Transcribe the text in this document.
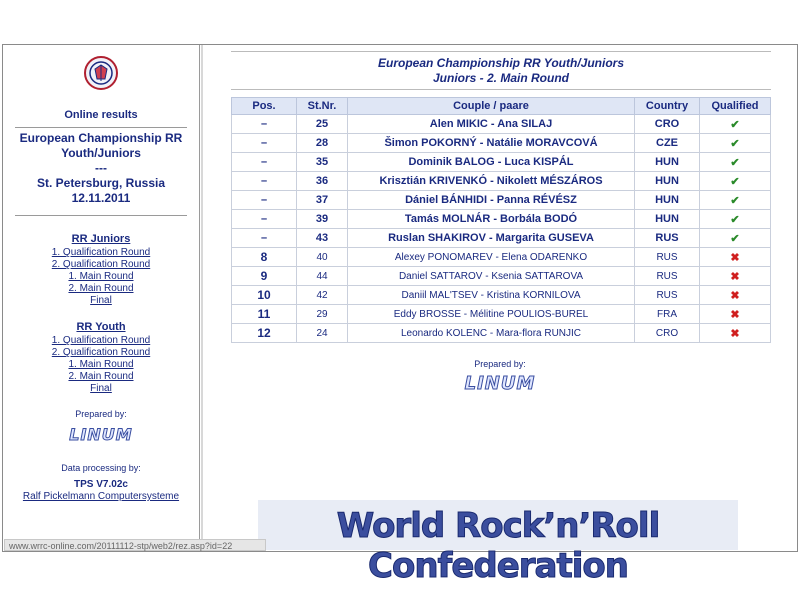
Online results
European Championship RR
Youth/Juniors
---
St. Petersburg, Russia
12.11.2011
RR Juniors
1. Qualification Round
2. Qualification Round
1. Main Round
2. Main Round
Final
RR Youth
1. Qualification Round
2. Qualification Round
1. Main Round
2. Main Round
Final
Prepared by:
LINUM
Data processing by:
TPS V7.02c
Ralf Pickelmann Computersysteme
European Championship RR Youth/Juniors
Juniors - 2. Main Round
Pos.	St.Nr.	Couple / paare	Country	Qualified
–	25	Alen MIKIC - Ana SILAJ	CRO	✔
–	28	Šimon POKORNÝ - Natálie MORAVCOVÁ	CZE	✔
–	35	Dominik BALOG - Luca KISPÁL	HUN	✔
–	36	Krisztián KRIVENKÓ - Nikolett MÉSZÁROS	HUN	✔
–	37	Dániel BÁNHIDI - Panna RÉVÉSZ	HUN	✔
–	39	Tamás MOLNÁR - Borbála BODÓ	HUN	✔
–	43	Ruslan SHAKIROV - Margarita GUSEVA	RUS	✔
8	40	Alexey PONOMAREV - Elena ODARENKO	RUS	✖
9	44	Daniel SATTAROV - Ksenia SATTAROVA	RUS	✖
10	42	Daniil MAL'TSEV - Kristina KORNILOVA	RUS	✖
11	29	Eddy BROSSE - Mélitine POULIOS-BUREL	FRA	✖
12	24	Leonardo KOLENC - Mara-flora RUNJIC	CRO	✖
Prepared by:
LINUM
World Rock’n’Roll Confederation
www.wrrc-online.com/20111112-stp/web2/rez.asp?id=22
